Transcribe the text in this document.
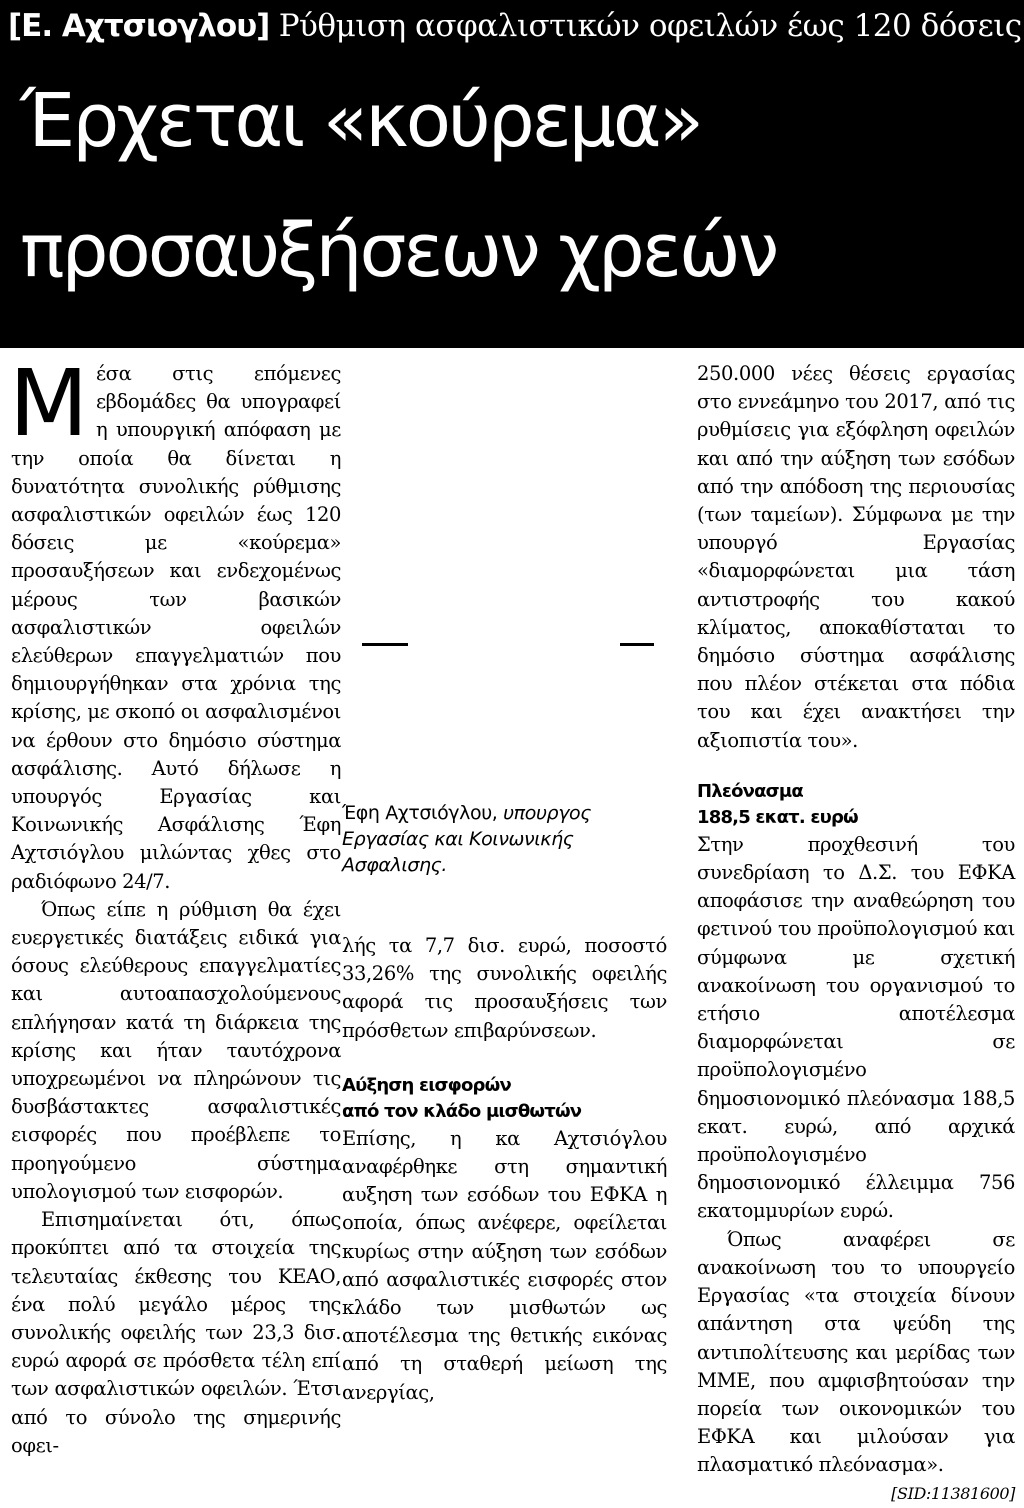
[Ε. Αχτσιογλου] Ρύθμιση ασφαλιστικών οφειλών έως 120 δόσεις
Έρχεται «κούρεμα»
προσαυξήσεων χρεών

Μέσα στις επόμενες εβδομάδες θα υπογραφεί η υπουργική απόφαση με την οποία θα δίνεται η δυνατότητα συνολικής ρύθμισης ασφαλιστικών οφειλών έως 120 δόσεις με «κούρεμα» προσαυξήσεων και ενδεχομένως μέρους των βασικών ασφαλιστικών οφειλών ελεύθερων επαγγελματιών που δημιουργήθηκαν στα χρόνια της κρίσης, με σκοπό οι ασφαλισμένοι να έρθουν στο δημόσιο σύστημα ασφάλισης. Αυτό δήλωσε η υπουργός Εργασίας και Κοινωνικής Ασφάλισης Έφη Αχτσιόγλου μιλώντας χθες στο ραδιόφωνο 24/7.

Όπως είπε η ρύθμιση θα έχει ευεργετικές διατάξεις ειδικά για όσους ελεύθερους επαγγελματίες και αυτοαπασχολούμενους επλήγησαν κατά τη διάρκεια της κρίσης και ήταν ταυτόχρονα υποχρεωμένοι να πληρώνουν τις δυσβάστακτες ασφαλιστικές εισφορές που προέβλεπε το προηγούμενο σύστημα υπολογισμού των εισφορών.

Επισημαίνεται ότι, όπως προκύπτει από τα στοιχεία της τελευταίας έκθεσης του ΚΕΑΟ, ένα πολύ μεγάλο μέρος της συνολικής οφειλής των 23,3 δισ. ευρώ αφορά σε πρόσθετα τέλη επί των ασφαλιστικών οφειλών. Έτσι από το σύνολο της σημερινής οφει-

Έφη Αχτσιόγλου, υπουργος Εργασίας και Κοινωνικής Ασφαλισης.

λής τα 7,7 δισ. ευρώ, ποσοστό 33,26% της συνολικής οφειλής αφορά τις προσαυξήσεις των πρόσθετων επιβαρύνσεων.

Αύξηση εισφορών
από τον κλάδο μισθωτών

Επίσης, η κα Αχτσιόγλου αναφέρθηκε στη σημαντική αυξηση των εσόδων του ΕΦΚΑ η οποία, όπως ανέφερε, οφείλεται κυρίως στην αύξηση των εσόδων από ασφαλιστικές εισφορές στον κλάδο των μισθωτών ως αποτέλεσμα της θετικής εικόνας από τη σταθερή μείωση της ανεργίας,

250.000 νέες θέσεις εργασίας στο εννεάμηνο του 2017, από τις ρυθμίσεις για εξόφληση οφειλών και από την αύξηση των εσόδων από την απόδοση της περιουσίας (των ταμείων). Σύμφωνα με την υπουργό Εργασίας «διαμορφώνεται μια τάση αντιστροφής του κακού κλίματος, αποκαθίσταται το δημόσιο σύστημα ασφάλισης που πλέον στέκεται στα πόδια του και έχει ανακτήσει την αξιοπιστία του».

Πλεόνασμα
188,5 εκατ. ευρώ

Στην προχθεσινή του συνεδρίαση το Δ.Σ. του ΕΦΚΑ αποφάσισε την αναθεώρηση του φετινού του προϋπολογισμού και σύμφωνα με σχετική ανακοίνωση του οργανισμού το ετήσιο αποτέλεσμα διαμορφώνεται σε προϋπολογισμένο δημοσιονομικό πλεόνασμα 188,5 εκατ. ευρώ, από αρχικά προϋπολογισμένο δημοσιονομικό έλλειμμα 756 εκατομμυρίων ευρώ.

Όπως αναφέρει σε ανακοίνωση του το υπουργείο Εργασίας «τα στοιχεία δίνουν απάντηση στα ψεύδη της αντιπολίτευσης και μερίδας των ΜΜΕ, που αμφισβητούσαν την πορεία των οικονομικών του ΕΦΚΑ και μιλούσαν για πλασματικό πλεόνασμα».

[SID:11381600]
